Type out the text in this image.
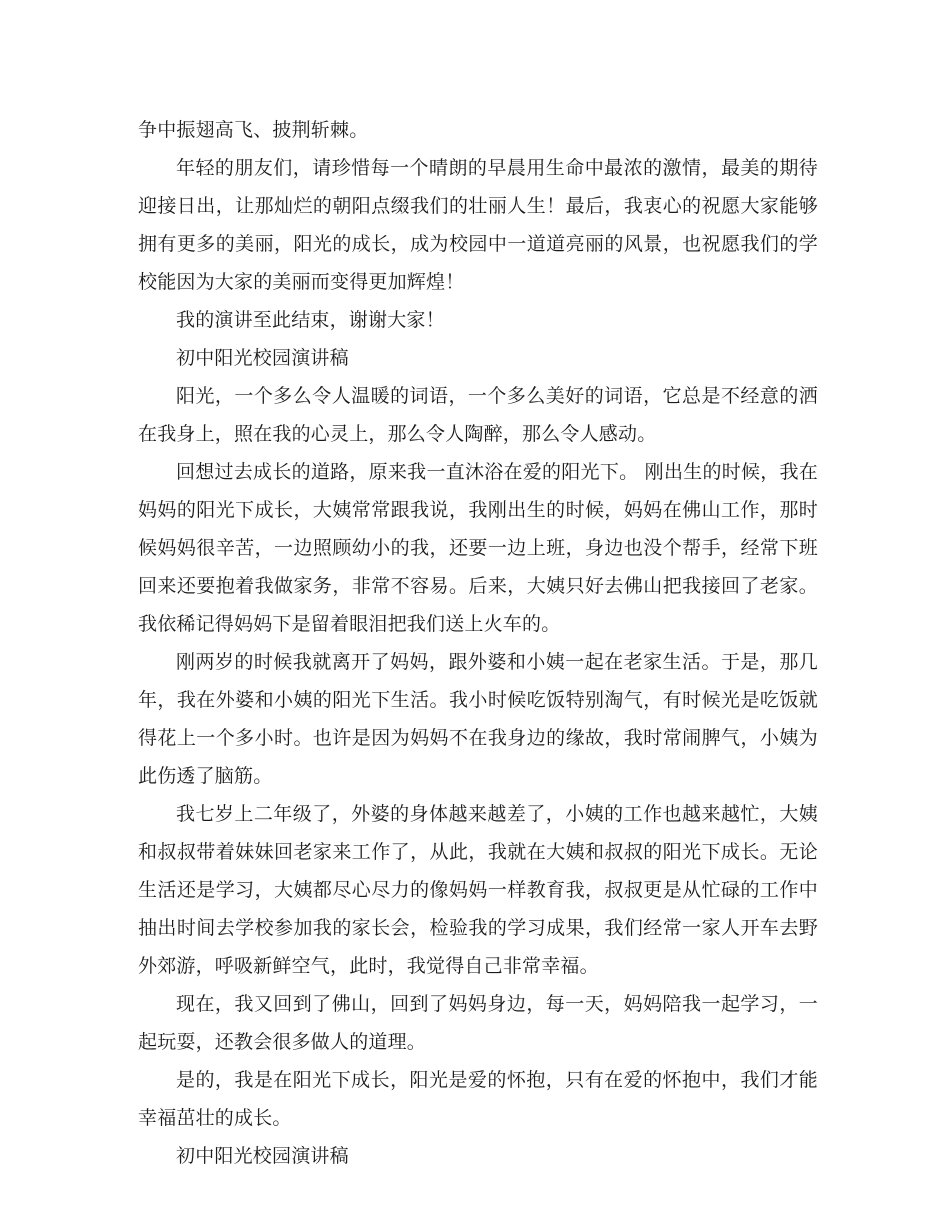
争中振翅高飞、披荆斩棘。

年轻的朋友们，请珍惜每一个晴朗的早晨用生命中最浓的激情，最美的期待迎接日出，让那灿烂的朝阳点缀我们的壮丽人生！最后，我衷心的祝愿大家能够拥有更多的美丽，阳光的成长，成为校园中一道道亮丽的风景，也祝愿我们的学校能因为大家的美丽而变得更加辉煌！

我的演讲至此结束，谢谢大家！

初中阳光校园演讲稿

阳光，一个多么令人温暖的词语，一个多么美好的词语，它总是不经意的洒在我身上，照在我的心灵上，那么令人陶醉，那么令人感动。

回想过去成长的道路，原来我一直沐浴在爱的阳光下。 刚出生的时候，我在妈妈的阳光下成长，大姨常常跟我说，我刚出生的时候，妈妈在佛山工作，那时候妈妈很辛苦，一边照顾幼小的我，还要一边上班，身边也没个帮手，经常下班回来还要抱着我做家务，非常不容易。后来，大姨只好去佛山把我接回了老家。我依稀记得妈妈下是留着眼泪把我们送上火车的。

刚两岁的时候我就离开了妈妈，跟外婆和小姨一起在老家生活。于是，那几年，我在外婆和小姨的阳光下生活。我小时候吃饭特别淘气，有时候光是吃饭就得花上一个多小时。也许是因为妈妈不在我身边的缘故，我时常闹脾气，小姨为此伤透了脑筋。

我七岁上二年级了，外婆的身体越来越差了，小姨的工作也越来越忙，大姨和叔叔带着妹妹回老家来工作了，从此，我就在大姨和叔叔的阳光下成长。无论生活还是学习，大姨都尽心尽力的像妈妈一样教育我，叔叔更是从忙碌的工作中抽出时间去学校参加我的家长会，检验我的学习成果，我们经常一家人开车去野外郊游，呼吸新鲜空气，此时，我觉得自己非常幸福。

现在，我又回到了佛山，回到了妈妈身边，每一天，妈妈陪我一起学习，一起玩耍，还教会很多做人的道理。

是的，我是在阳光下成长，阳光是爱的怀抱，只有在爱的怀抱中，我们才能幸福茁壮的成长。

初中阳光校园演讲稿
